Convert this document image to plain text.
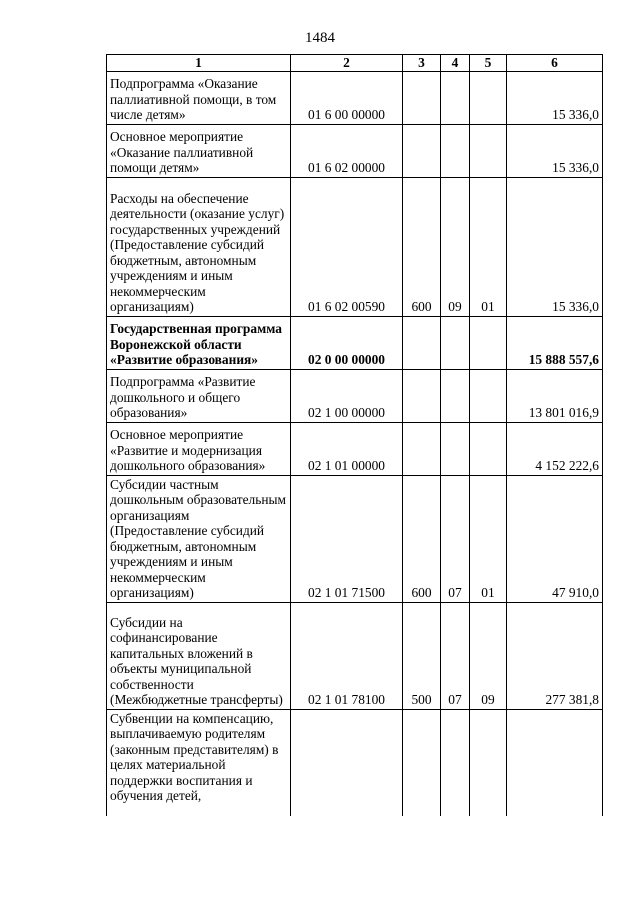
1484
1	2	3	4	5	6
Подпрограмма «Оказание паллиативной помощи, в том числе детям»	01 6 00 00000				15 336,0
Основное мероприятие «Оказание паллиативной помощи детям»	01 6 02 00000				15 336,0
Расходы на обеспечение деятельности (оказание услуг) государственных учреждений (Предоставление субсидий бюджетным, автономным учреждениям и иным некоммерческим организациям)	01 6 02 00590	600	09	01	15 336,0
Государственная программа Воронежской области «Развитие образования»	02 0 00 00000				15 888 557,6
Подпрограмма «Развитие дошкольного и общего образования»	02 1 00 00000				13 801 016,9
Основное мероприятие «Развитие и модернизация дошкольного образования»	02 1 01 00000				4 152 222,6
Субсидии частным дошкольным образовательным организациям (Предоставление субсидий бюджетным, автономным учреждениям и иным некоммерческим организациям)	02 1 01 71500	600	07	01	47 910,0
Субсидии на софинансирование капитальных вложений в объекты муниципальной собственности (Межбюджетные трансферты)	02 1 01 78100	500	07	09	277 381,8
Субвенции на компенсацию, выплачиваемую родителям (законным представителям) в целях материальной поддержки воспитания и обучения детей,					
